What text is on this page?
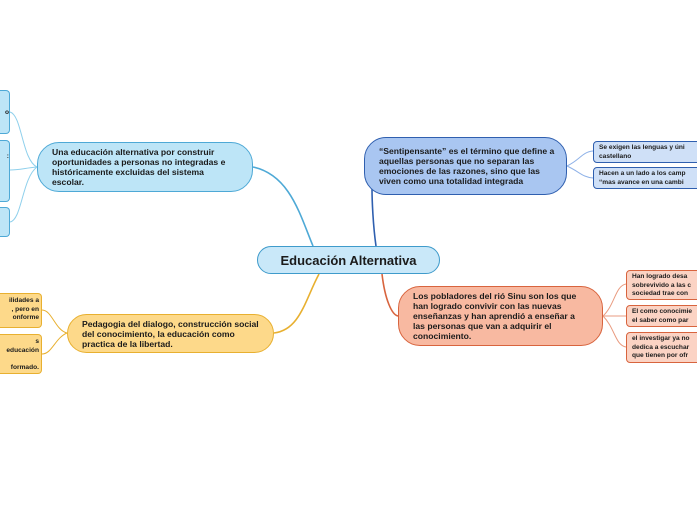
Educación Alternativa
Una educación alternativa por construir oportunidades a personas no integradas e históricamente excluidas del sistema escolar.
Pedagogia del dialogo, construcción social del conocimiento, la educación como practica de la libertad.
“Sentipensante” es el término que define a aquellas personas que no separan las emociones de las razones, sino que las viven como una totalidad integrada
Los pobladores del rió Sinu son los que han logrado convivir con las nuevas enseñanzas y han aprendió a enseñar a las personas que van a adquirir el conocimiento.
o
:
ilidades a
, pero en
onforme
s
educación

formado.
Se exigen las lenguas y úni
castellano
Hacen a un lado a los camp
“mas avance en una cambi
Han logrado desa
sobrevivido a las c
sociedad trae con
El como conocimie
el saber como par
el investigar ya no
dedica a escuchar
que tienen por ofr
